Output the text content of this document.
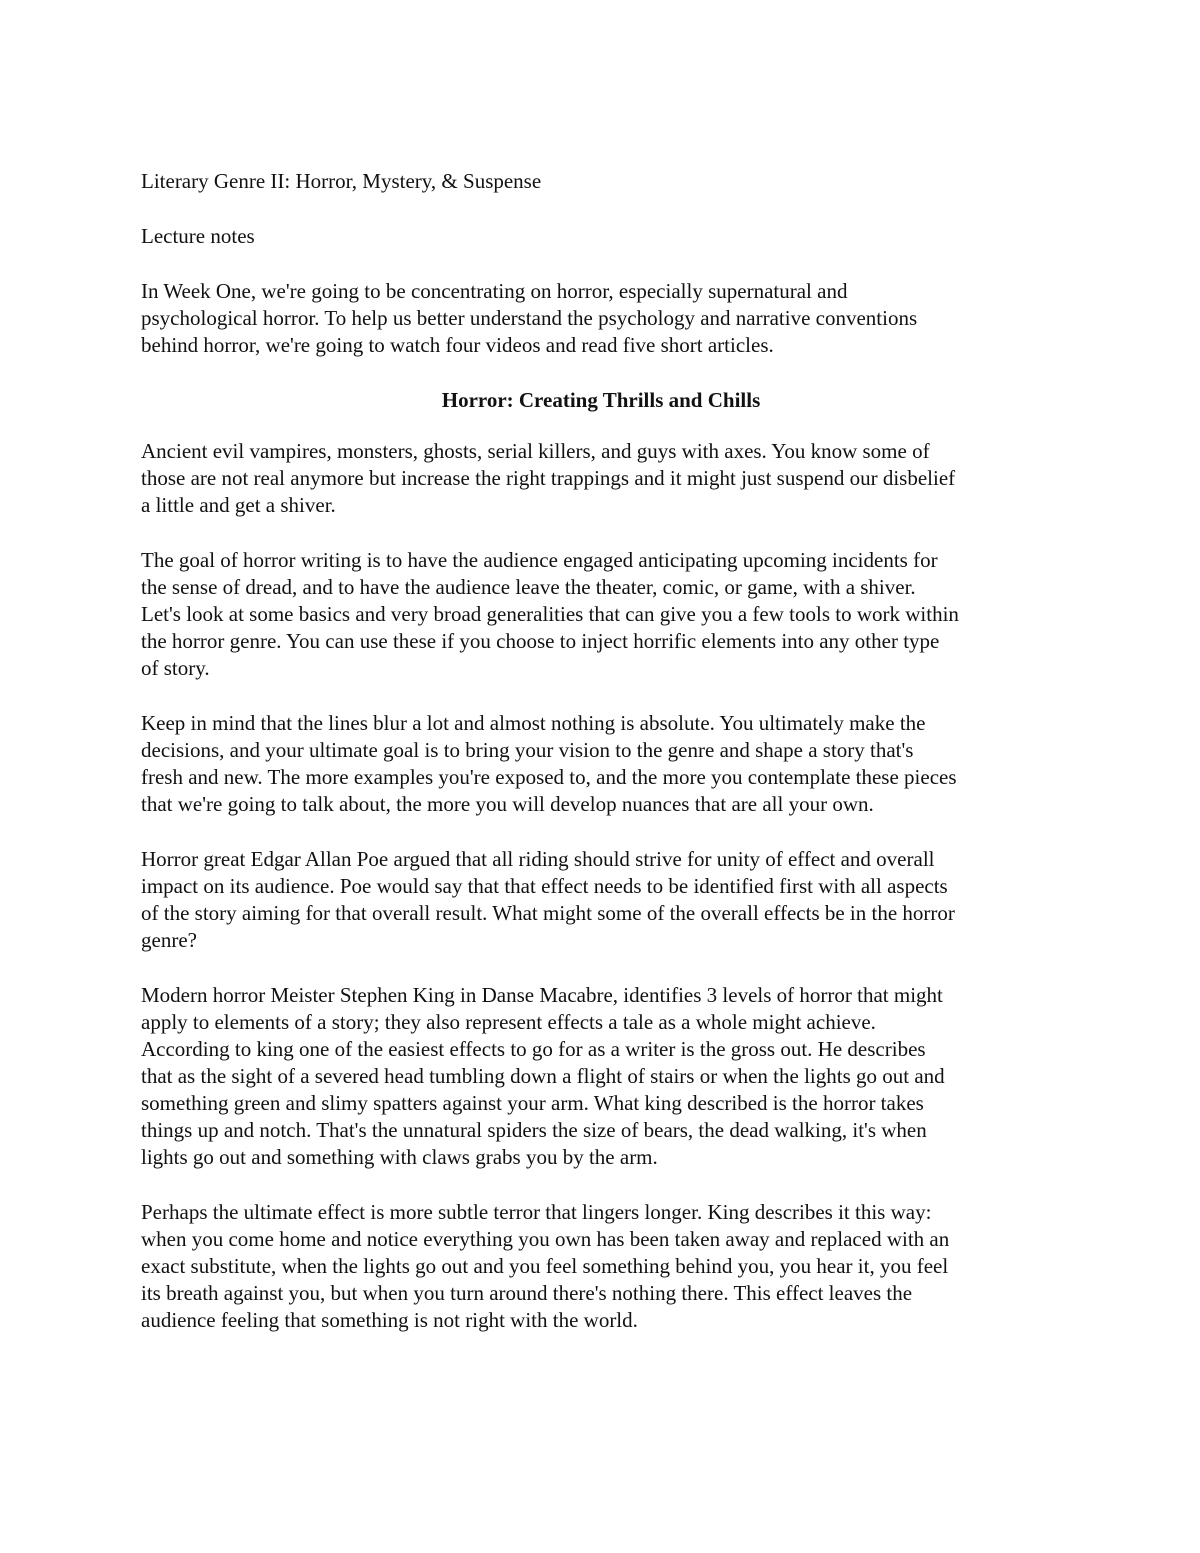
Literary Genre II: Horror, Mystery, & Suspense

Lecture notes

In Week One, we're going to be concentrating on horror, especially supernatural and
psychological horror. To help us better understand the psychology and narrative conventions
behind horror, we're going to watch four videos and read five short articles.

Horror: Creating Thrills and Chills

Ancient evil vampires, monsters, ghosts, serial killers, and guys with axes. You know some of
those are not real anymore but increase the right trappings and it might just suspend our disbelief
a little and get a shiver.

The goal of horror writing is to have the audience engaged anticipating upcoming incidents for
the sense of dread, and to have the audience leave the theater, comic, or game, with a shiver.
Let's look at some basics and very broad generalities that can give you a few tools to work within
the horror genre. You can use these if you choose to inject horrific elements into any other type
of story.

Keep in mind that the lines blur a lot and almost nothing is absolute. You ultimately make the
decisions, and your ultimate goal is to bring your vision to the genre and shape a story that's
fresh and new. The more examples you're exposed to, and the more you contemplate these pieces
that we're going to talk about, the more you will develop nuances that are all your own.

Horror great Edgar Allan Poe argued that all riding should strive for unity of effect and overall
impact on its audience. Poe would say that that effect needs to be identified first with all aspects
of the story aiming for that overall result. What might some of the overall effects be in the horror
genre?

Modern horror Meister Stephen King in Danse Macabre, identifies 3 levels of horror that might
apply to elements of a story; they also represent effects a tale as a whole might achieve.
According to king one of the easiest effects to go for as a writer is the gross out. He describes
that as the sight of a severed head tumbling down a flight of stairs or when the lights go out and
something green and slimy spatters against your arm. What king described is the horror takes
things up and notch. That's the unnatural spiders the size of bears, the dead walking, it's when
lights go out and something with claws grabs you by the arm.

Perhaps the ultimate effect is more subtle terror that lingers longer. King describes it this way:
when you come home and notice everything you own has been taken away and replaced with an
exact substitute, when the lights go out and you feel something behind you, you hear it, you feel
its breath against you, but when you turn around there's nothing there. This effect leaves the
audience feeling that something is not right with the world.
